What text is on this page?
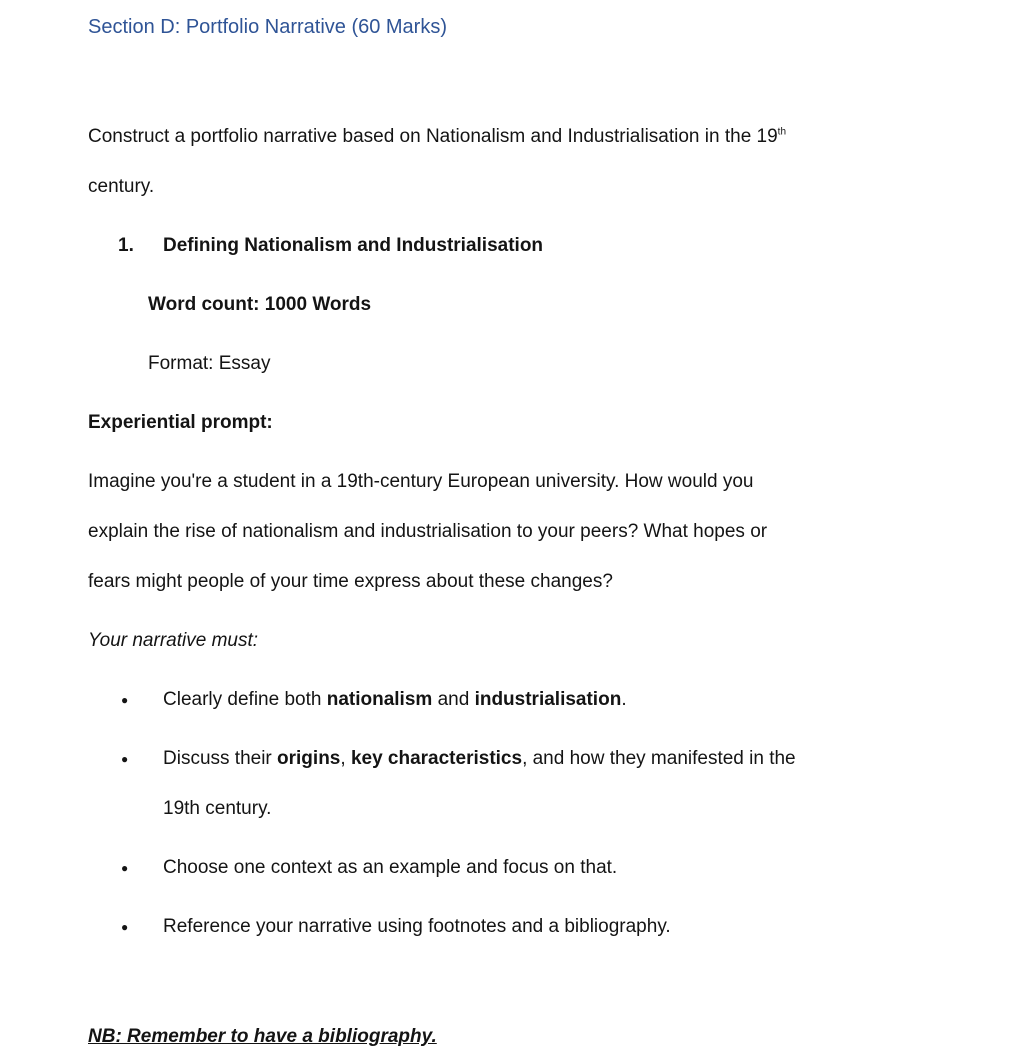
Section D: Portfolio Narrative (60 Marks)

Construct a portfolio narrative based on Nationalism and Industrialisation in the 19th
century.

1.	Defining Nationalism and Industrialisation

Word count: 1000 Words

Format: Essay

Experiential prompt:

Imagine you're a student in a 19th-century European university. How would you
explain the rise of nationalism and industrialisation to your peers? What hopes or
fears might people of your time express about these changes?

Your narrative must:

●	Clearly define both nationalism and industrialisation.
●	Discuss their origins, key characteristics, and how they manifested in the
19th century.
●	Choose one context as an example and focus on that.
●	Reference your narrative using footnotes and a bibliography.

NB: Remember to have a bibliography.
